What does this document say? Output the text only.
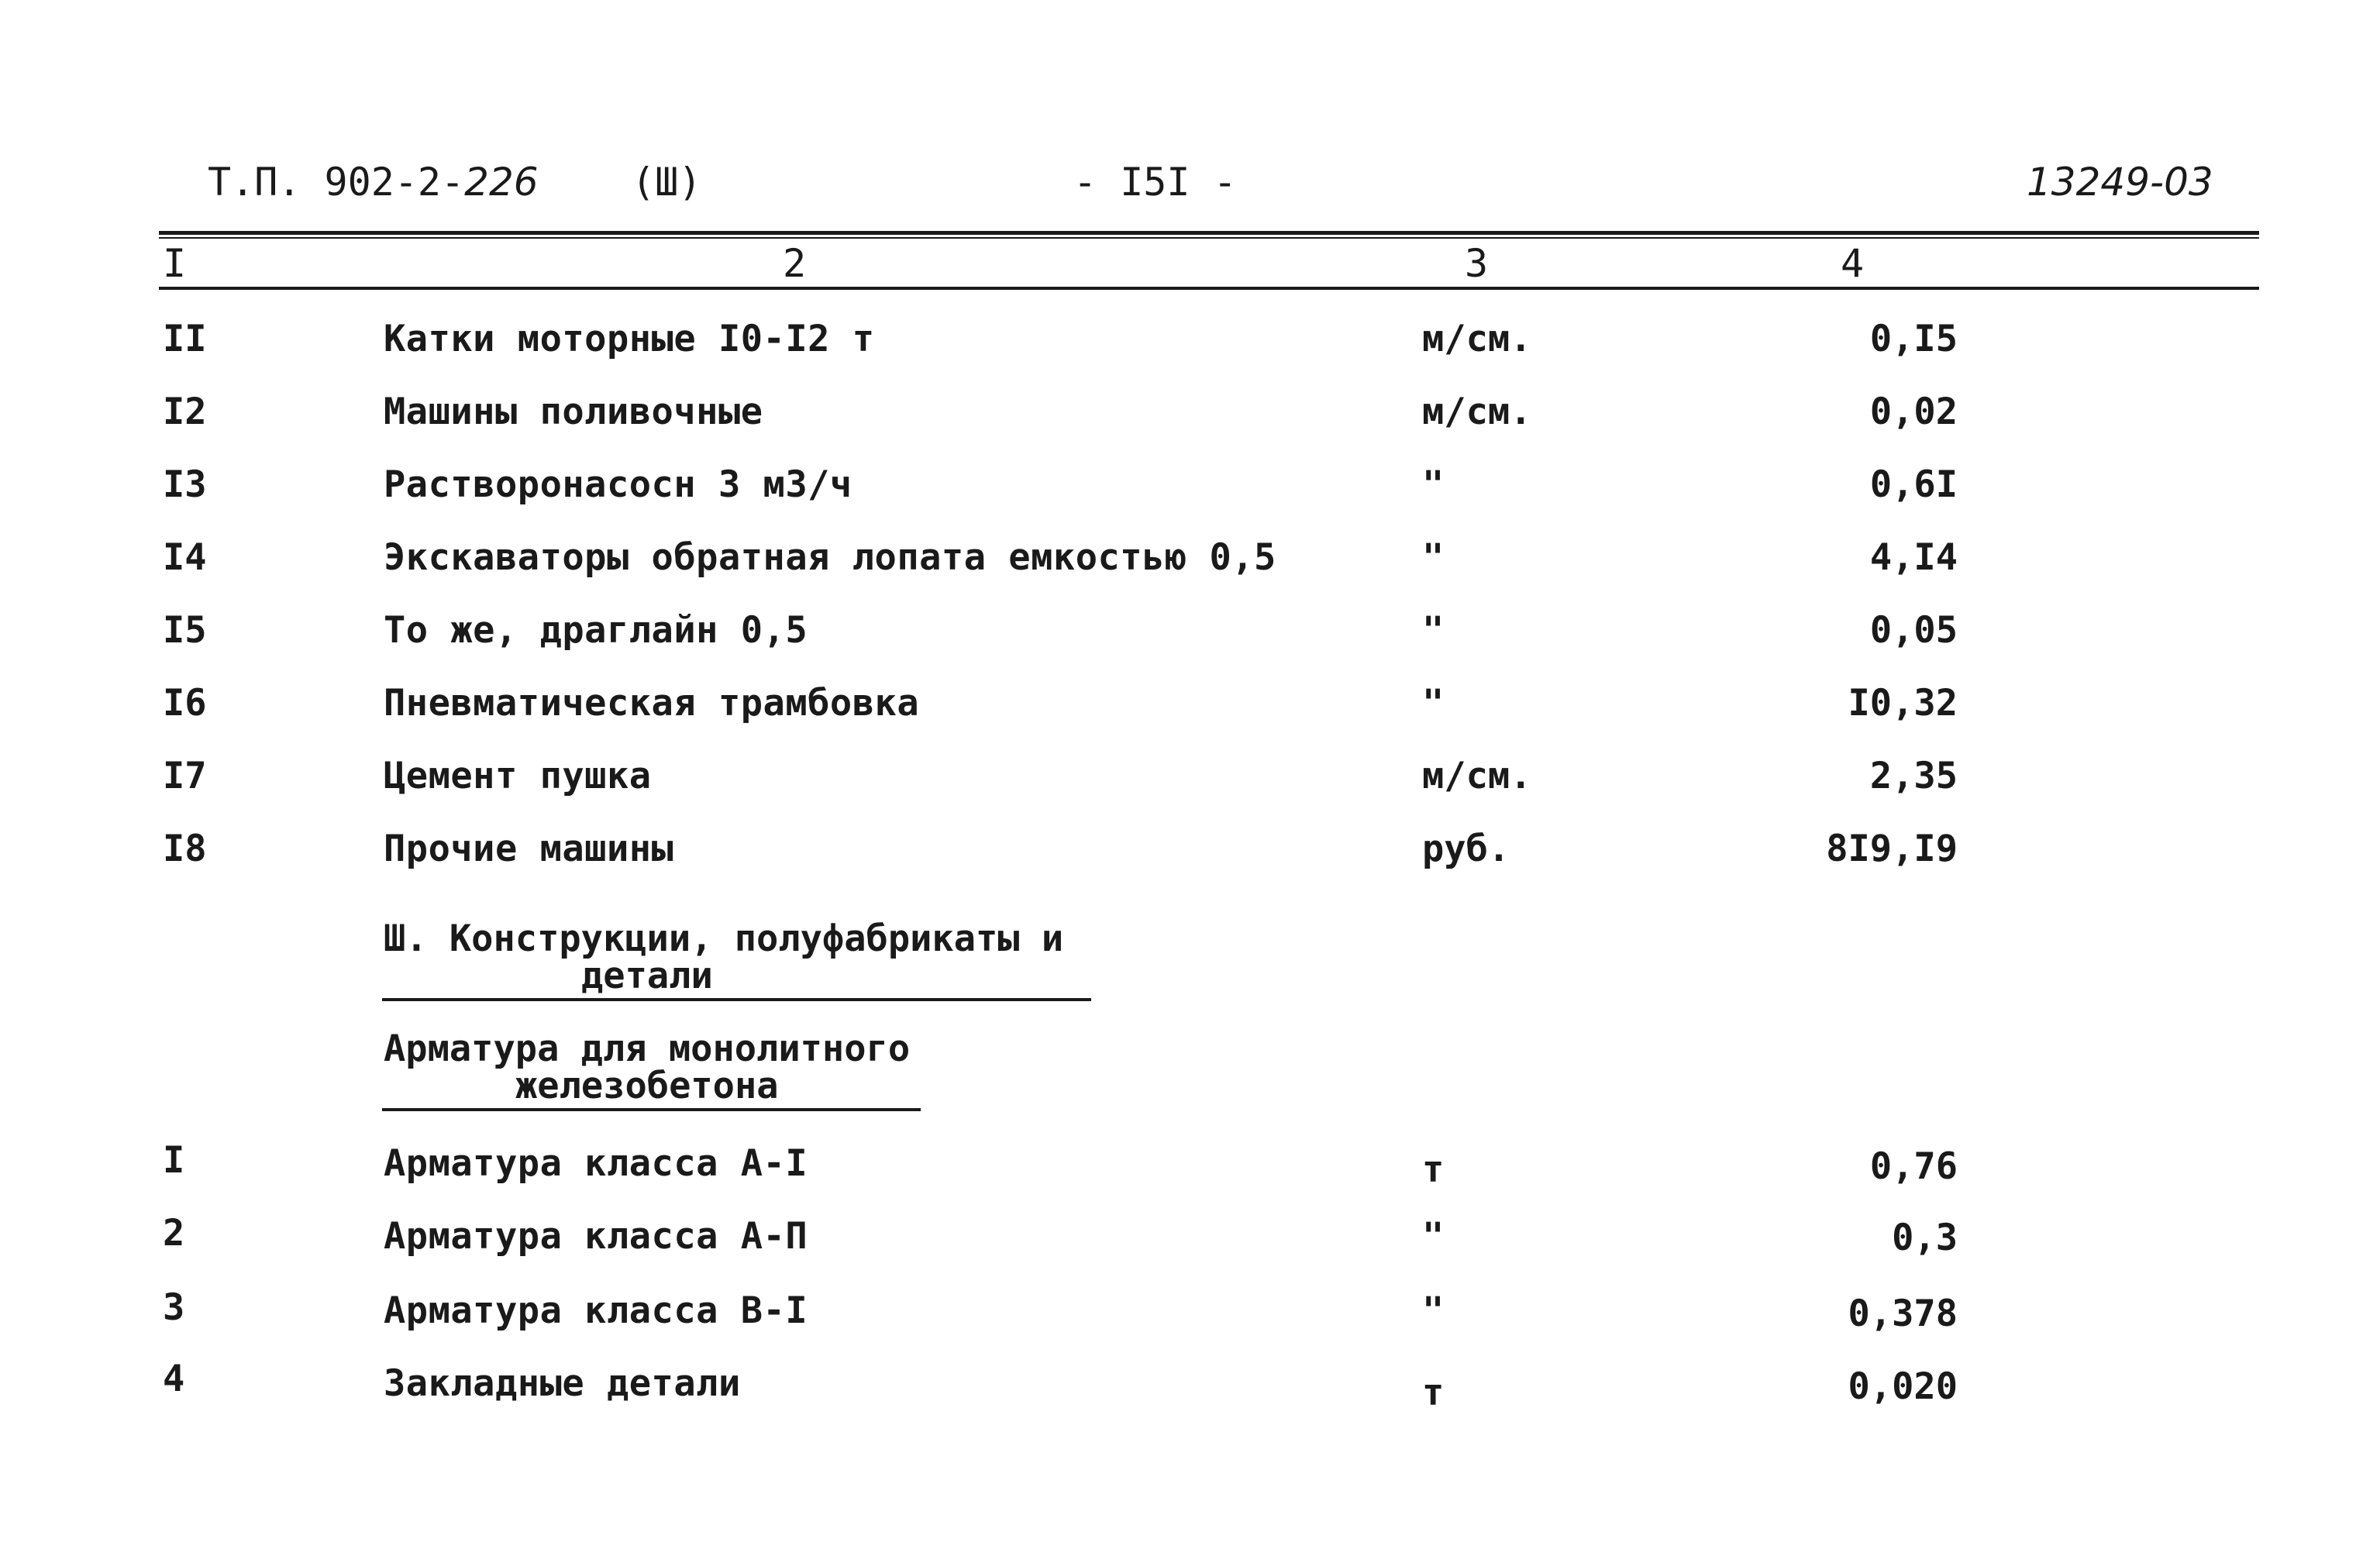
Т.П. 902-2-226 (Ш)	- I5I -	13249-03
I	2	3	4
II	Катки моторные I0-I2 т	м/см.	0,I5
I2	Машины поливочные	м/см.	0,02
I3	Растворонасосн 3 м3/ч	"	0,6I
I4	Экскаваторы обратная лопата емкостью 0,5	"	4,I4
I5	То же, драглайн 0,5	"	0,05
I6	Пневматическая трамбовка	"	I0,32
I7	Цемент пушка	м/см.	2,35
I8	Прочие машины	руб.	8I9,I9
Ш. Конструкции, полуфабрикаты и
детали
Арматура для монолитного
железобетона
I	Арматура класса А-I	т	0,76
2	Арматура класса А-П	"	0,3
3	Арматура класса В-I	"	0,378
4	Закладные детали	т	0,020
